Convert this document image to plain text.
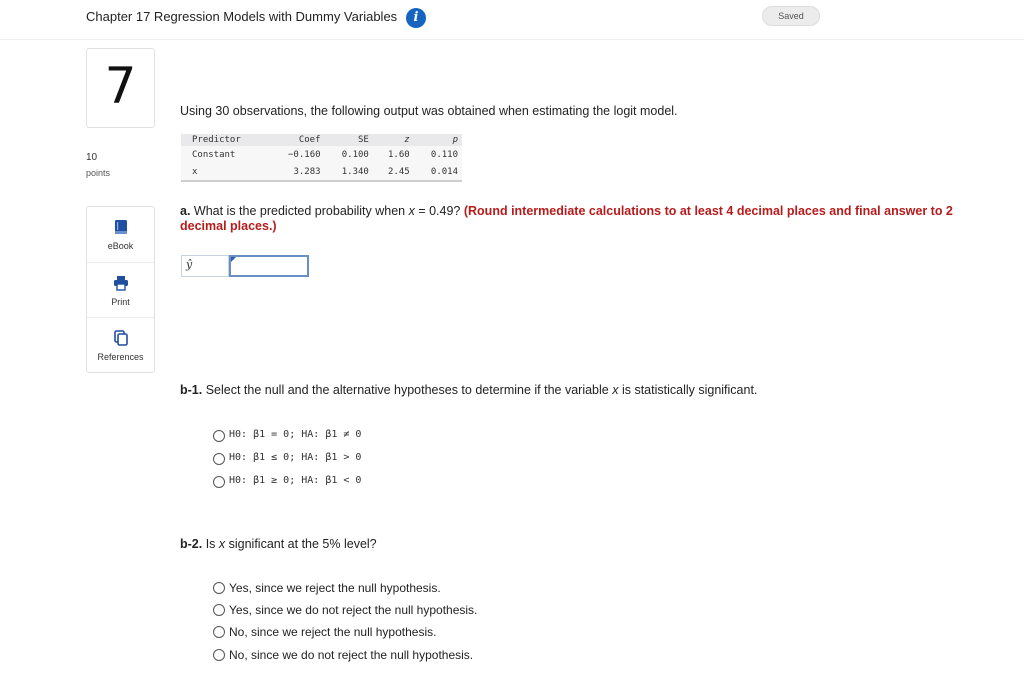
Chapter 17 Regression Models with Dummy Variables	i	Saved
7
10
points
eBook
Print
References
Using 30 observations, the following output was obtained when estimating the logit model.
Predictor	Coef	SE	z	p
Constant	−0.160	0.100	1.60	0.110
x	3.283	1.340	2.45	0.014
a. What is the predicted probability when x = 0.49? (Round intermediate calculations to at least 4 decimal places and final answer to 2 decimal places.)
ŷ
b-1. Select the null and the alternative hypotheses to determine if the variable x is statistically significant.
H0: β1 = 0; HA: β1 ≠ 0
H0: β1 ≤ 0; HA: β1 > 0
H0: β1 ≥ 0; HA: β1 < 0
b-2. Is x significant at the 5% level?
Yes, since we reject the null hypothesis.
Yes, since we do not reject the null hypothesis.
No, since we reject the null hypothesis.
No, since we do not reject the null hypothesis.
